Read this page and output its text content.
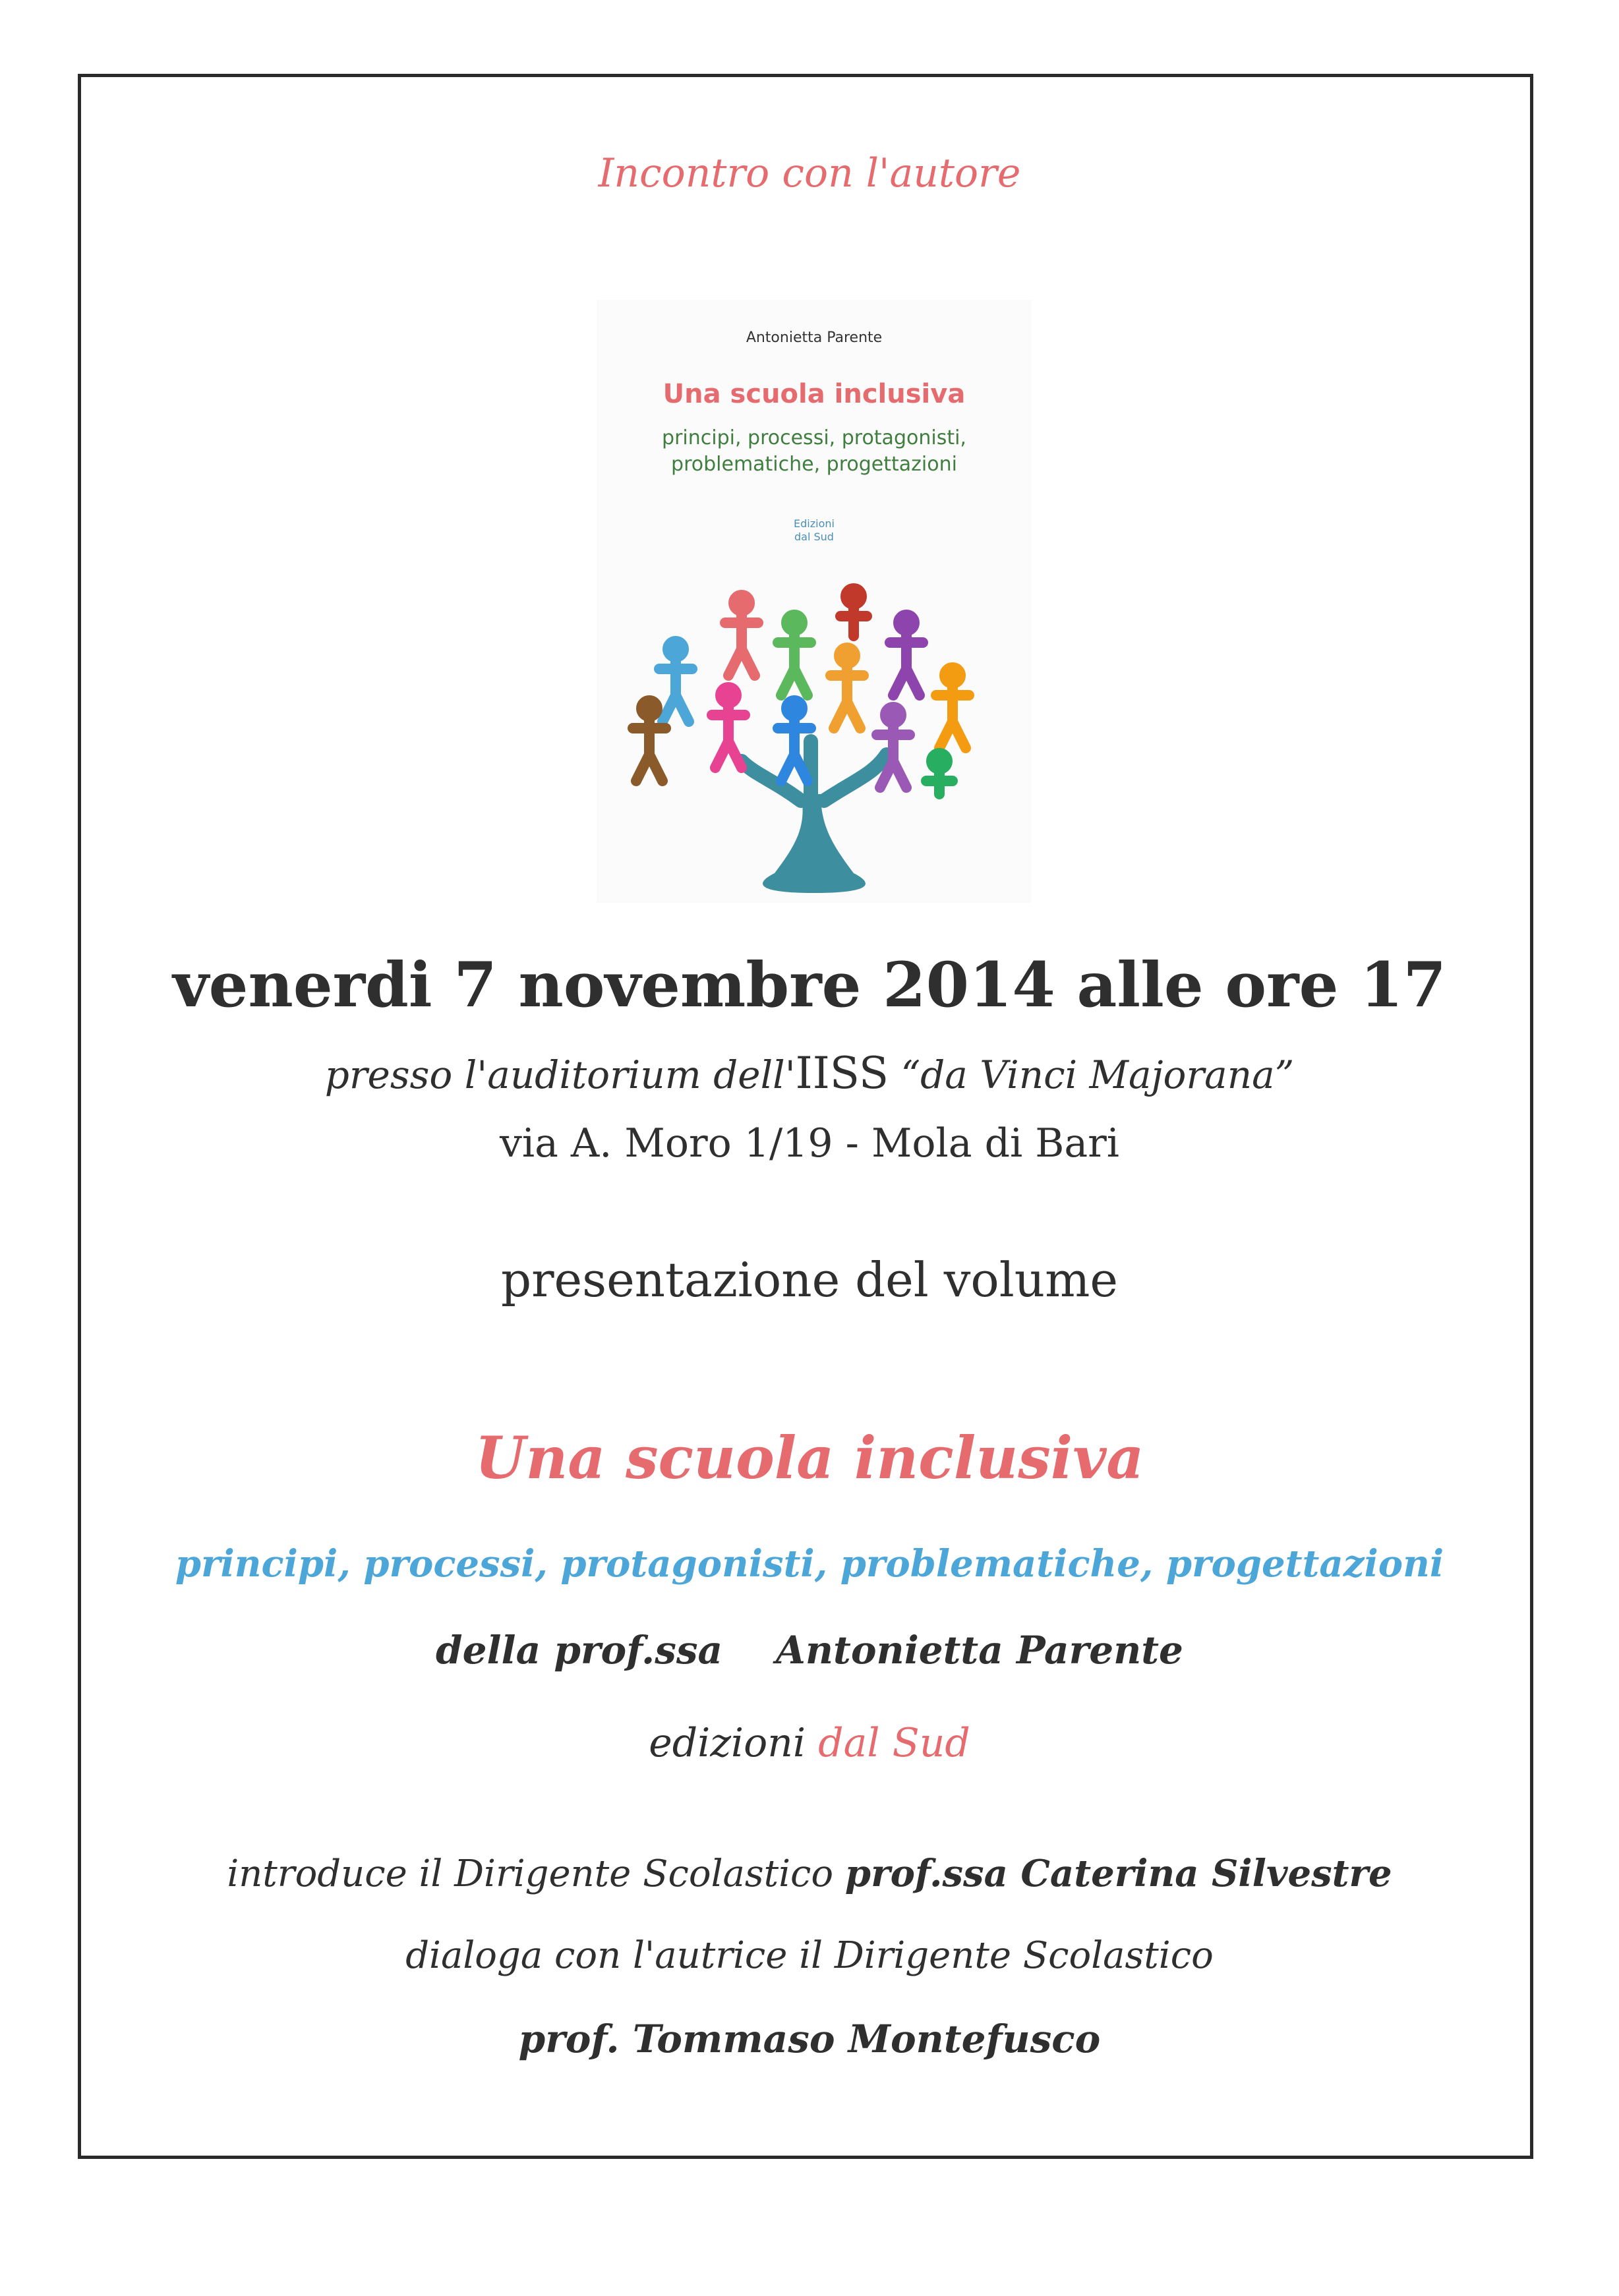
Incontro con l'autore

Antonietta Parente
Una scuola inclusiva
principi, processi, protagonisti,
problematiche, progettazioni
Edizioni
dal Sud

venerdi 7 novembre 2014 alle ore 17

presso l'auditorium dell'IISS “da Vinci Majorana”

via A. Moro 1/19 - Mola di Bari

presentazione del volume

Una scuola inclusiva

principi, processi, protagonisti, problematiche, progettazioni

della prof.ssa Antonietta Parente

edizioni dal Sud

introduce il Dirigente Scolastico prof.ssa Caterina Silvestre

dialoga con l'autrice il Dirigente Scolastico

prof. Tommaso Montefusco
